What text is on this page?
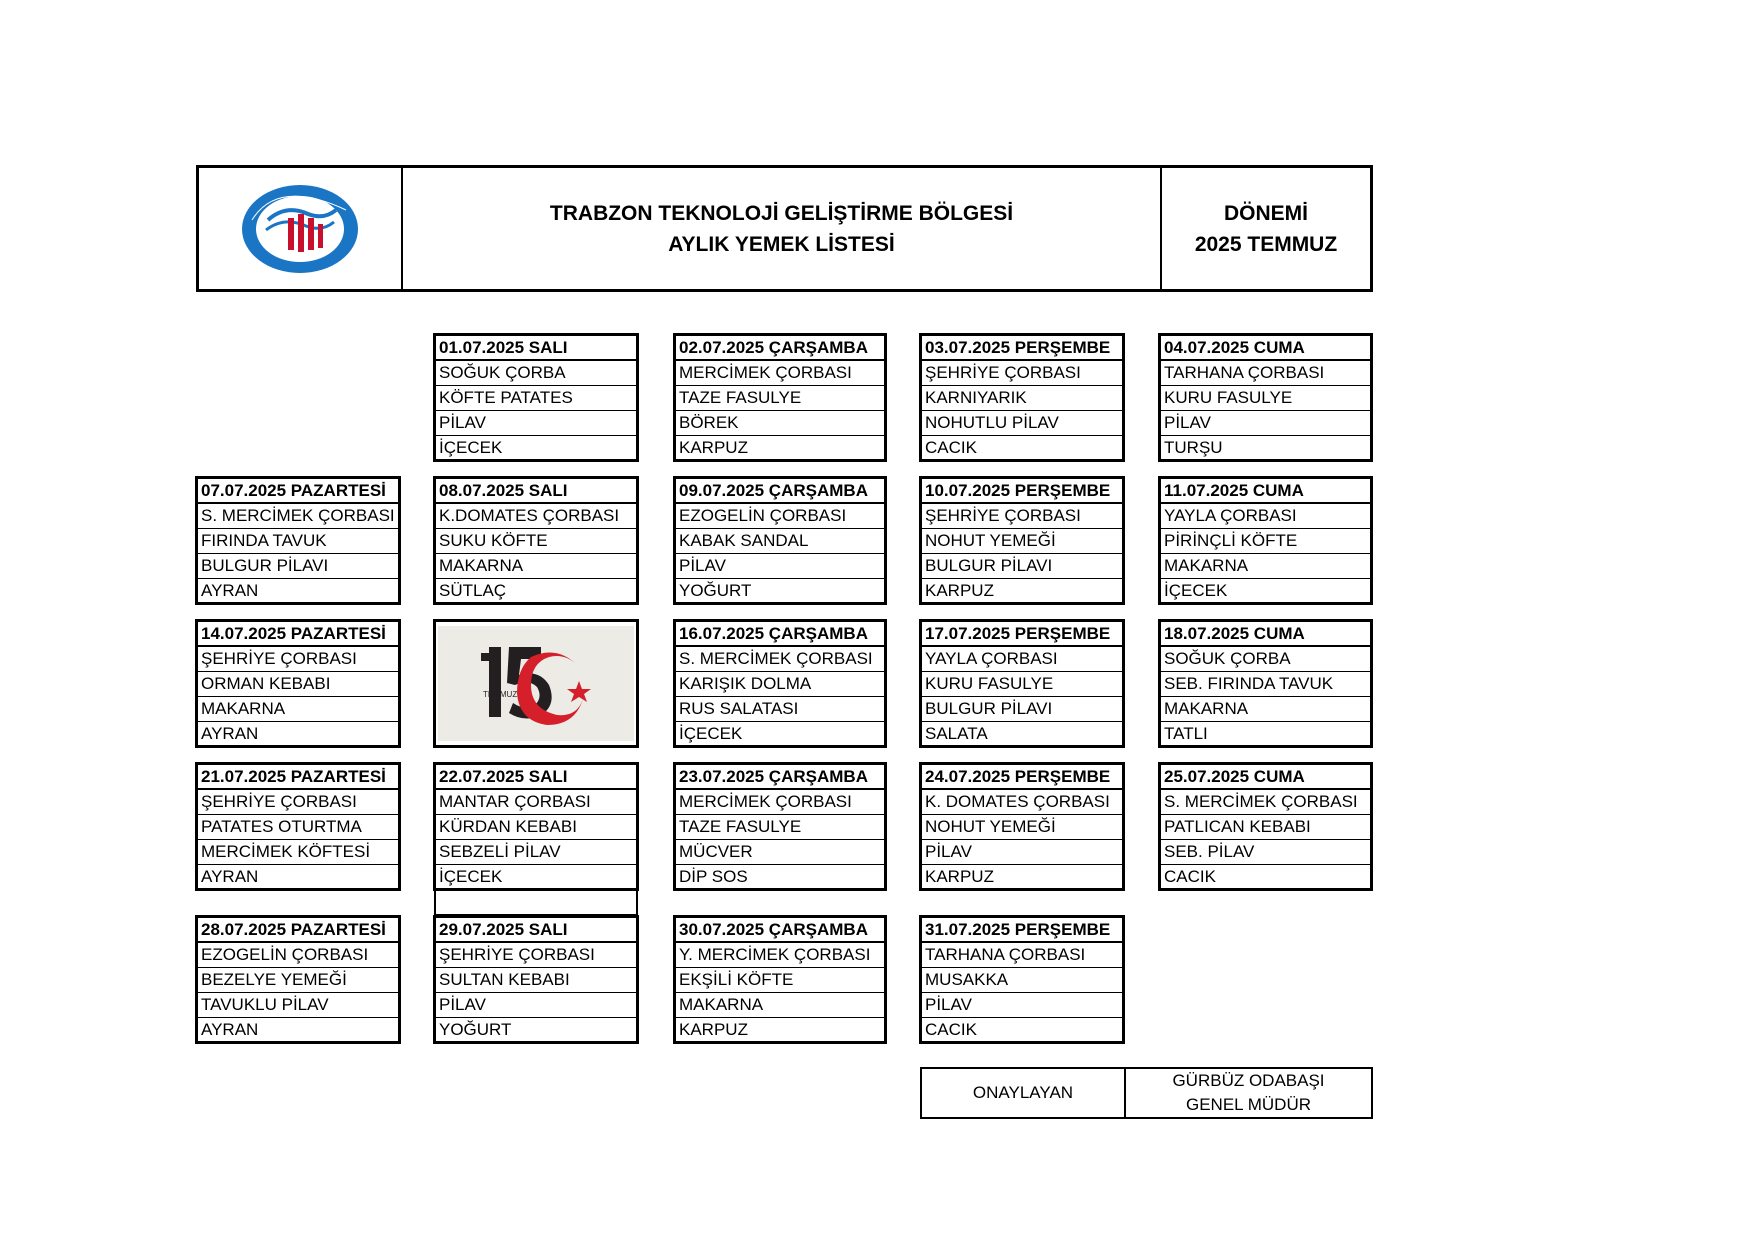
TRABZON TEKNOLOJİ GELİŞTİRME BÖLGESİ
AYLIK YEMEK LİSTESİ
DÖNEMİ
2025 TEMMUZ
01.07.2025 SALI
SOĞUK ÇORBA
KÖFTE PATATES
PİLAV
İÇECEK
02.07.2025 ÇARŞAMBA
MERCİMEK ÇORBASI
TAZE FASULYE
BÖREK
KARPUZ
03.07.2025 PERŞEMBE
ŞEHRİYE ÇORBASI
KARNIYARIK
NOHUTLU PİLAV
CACIK
04.07.2025 CUMA
TARHANA ÇORBASI
KURU FASULYE
PİLAV
TURŞU
07.07.2025 PAZARTESİ
S. MERCİMEK ÇORBASI
FIRINDA TAVUK
BULGUR PİLAVI
AYRAN
08.07.2025 SALI
K.DOMATES ÇORBASI
SUKU KÖFTE
MAKARNA
SÜTLAÇ
09.07.2025 ÇARŞAMBA
EZOGELİN ÇORBASI
KABAK SANDAL
PİLAV
YOĞURT
10.07.2025 PERŞEMBE
ŞEHRİYE ÇORBASI
NOHUT YEMEĞİ
BULGUR PİLAVI
KARPUZ
11.07.2025 CUMA
YAYLA ÇORBASI
PİRİNÇLİ KÖFTE
MAKARNA
İÇECEK
14.07.2025 PAZARTESİ
ŞEHRİYE ÇORBASI
ORMAN KEBABI
MAKARNA
AYRAN
TEMMUZ
16.07.2025 ÇARŞAMBA
S. MERCİMEK ÇORBASI
KARIŞIK DOLMA
RUS SALATASI
İÇECEK
17.07.2025 PERŞEMBE
YAYLA ÇORBASI
KURU FASULYE
BULGUR PİLAVI
SALATA
18.07.2025 CUMA
SOĞUK ÇORBA
SEB. FIRINDA TAVUK
MAKARNA
TATLI
21.07.2025 PAZARTESİ
ŞEHRİYE ÇORBASI
PATATES OTURTMA
MERCİMEK KÖFTESİ
AYRAN
22.07.2025 SALI
MANTAR ÇORBASI
KÜRDAN KEBABI
SEBZELİ PİLAV
İÇECEK
23.07.2025 ÇARŞAMBA
MERCİMEK ÇORBASI
TAZE FASULYE
MÜCVER
DİP SOS
24.07.2025 PERŞEMBE
K. DOMATES ÇORBASI
NOHUT YEMEĞİ
PİLAV
KARPUZ
25.07.2025 CUMA
S. MERCİMEK ÇORBASI
PATLICAN KEBABI
SEB. PİLAV
CACIK
28.07.2025 PAZARTESİ
EZOGELİN ÇORBASI
BEZELYE YEMEĞİ
TAVUKLU PİLAV
AYRAN
29.07.2025 SALI
ŞEHRİYE ÇORBASI
SULTAN KEBABI
PİLAV
YOĞURT
30.07.2025 ÇARŞAMBA
Y. MERCİMEK ÇORBASI
EKŞİLİ KÖFTE
MAKARNA
KARPUZ
31.07.2025 PERŞEMBE
TARHANA ÇORBASI
MUSAKKA
PİLAV
CACIK
ONAYLAYAN
GÜRBÜZ ODABAŞI
GENEL MÜDÜR
